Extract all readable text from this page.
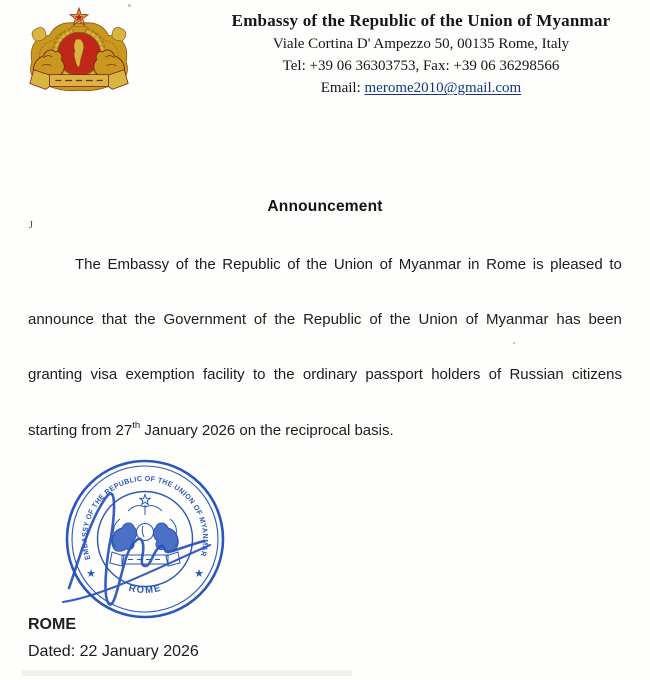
Embassy of the Republic of the Union of Myanmar
Viale Cortina D' Ampezzo 50, 00135 Rome, Italy
Tel: +39 06 36303753, Fax: +39 06 36298566
Email: merome2010@gmail.com
J
Announcement
The Embassy of the Republic of the Union of Myanmar in Rome is pleased to
announce that the Government of the Republic of the Union of Myanmar has been
granting visa exemption facility to the ordinary passport holders of Russian citizens
starting from 27th January 2026 on the reciprocal basis.
EMBASSY OF THE REPUBLIC OF THE UNION OF MYANMAR
ROME
★	★
ROME
Dated: 22 January 2026
